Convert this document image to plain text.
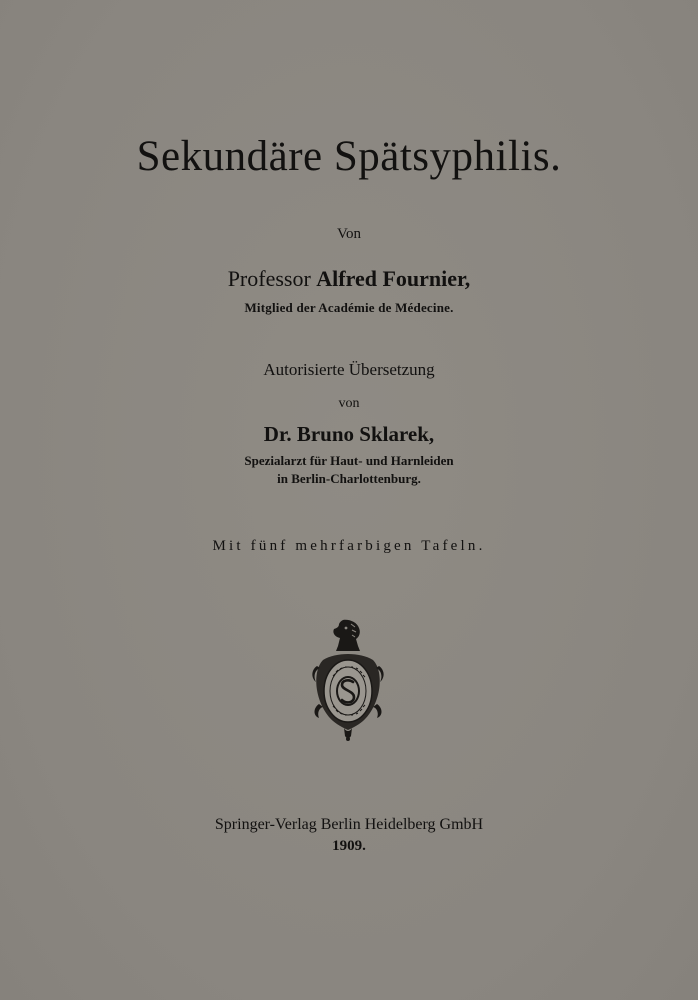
Sekundäre Spätsyphilis.
Von
Professor Alfred Fournier,
Mitglied der Académie de Médecine.
Autorisierte Übersetzung
von
Dr. Bruno Sklarek,
Spezialarzt für Haut- und Harnleiden
in Berlin-Charlottenburg.
Mit fünf mehrfarbigen Tafeln.
Springer-Verlag Berlin Heidelberg GmbH
1909.
